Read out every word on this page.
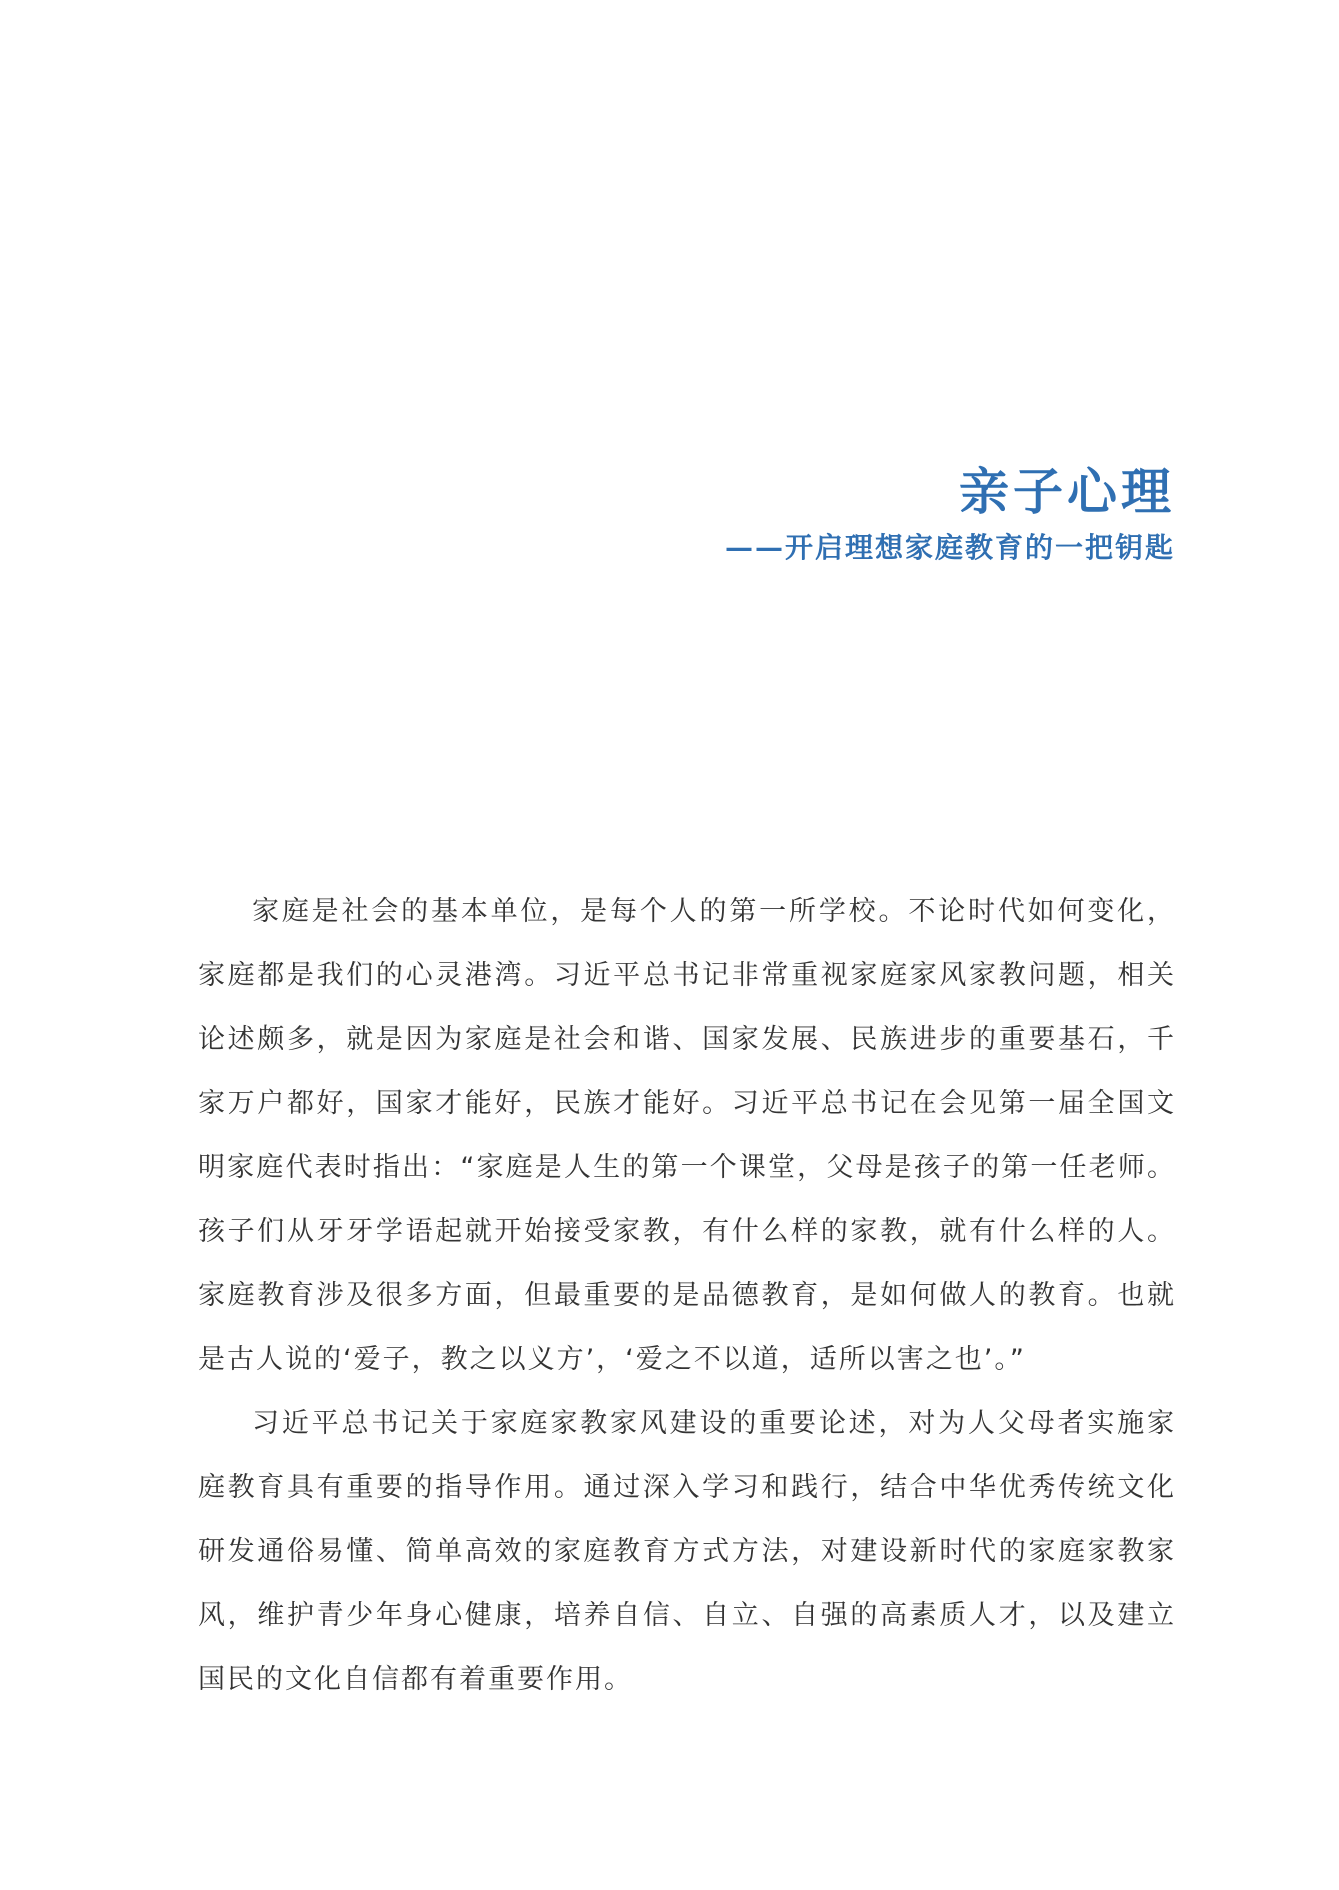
亲子心理
——开启理想家庭教育的一把钥匙

家庭是社会的基本单位，是每个人的第一所学校。不论时代如何变化，家庭都是我们的心灵港湾。习近平总书记非常重视家庭家风家教问题，相关论述颇多，就是因为家庭是社会和谐、国家发展、民族进步的重要基石，千家万户都好，国家才能好，民族才能好。习近平总书记在会见第一届全国文明家庭代表时指出：“家庭是人生的第一个课堂，父母是孩子的第一任老师。孩子们从牙牙学语起就开始接受家教，有什么样的家教，就有什么样的人。家庭教育涉及很多方面，但最重要的是品德教育，是如何做人的教育。也就是古人说的‘爱子，教之以义方’，‘爱之不以道，适所以害之也’。”

习近平总书记关于家庭家教家风建设的重要论述，对为人父母者实施家庭教育具有重要的指导作用。通过深入学习和践行，结合中华优秀传统文化研发通俗易懂、简单高效的家庭教育方式方法，对建设新时代的家庭家教家风，维护青少年身心健康，培养自信、自立、自强的高素质人才，以及建立国民的文化自信都有着重要作用。
